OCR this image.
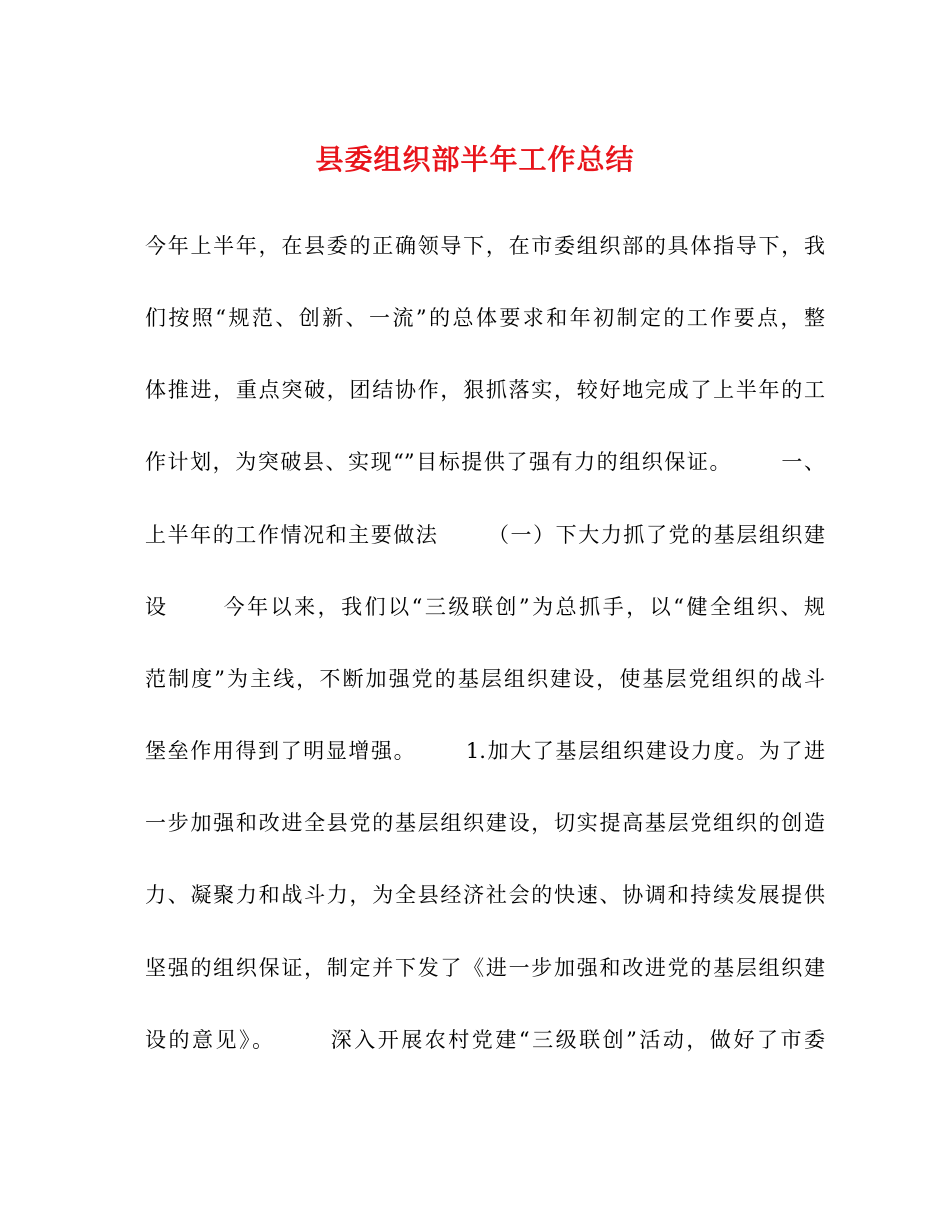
县委组织部半年工作总结
今年上半年，在县委的正确领导下，在市委组织部的具体指导下，我
们按照“规范、创新、一流”的总体要求和年初制定的工作要点，整
体推进，重点突破，团结协作，狠抓落实，较好地完成了上半年的工
作计划，为突破县、实现“”目标提供了强有力的组织保证。      一、
上半年的工作情况和主要做法      （一）下大力抓了党的基层组织建
设      今年以来，我们以“三级联创”为总抓手，以“健全组织、规
范制度”为主线，不断加强党的基层组织建设，使基层党组织的战斗
堡垒作用得到了明显增强。      1.加大了基层组织建设力度。为了进
一步加强和改进全县党的基层组织建设，切实提高基层党组织的创造
力、凝聚力和战斗力，为全县经济社会的快速、协调和持续发展提供
坚强的组织保证，制定并下发了《进一步加强和改进党的基层组织建
设的意见》。      深入开展农村党建“三级联创”活动，做好了市委
